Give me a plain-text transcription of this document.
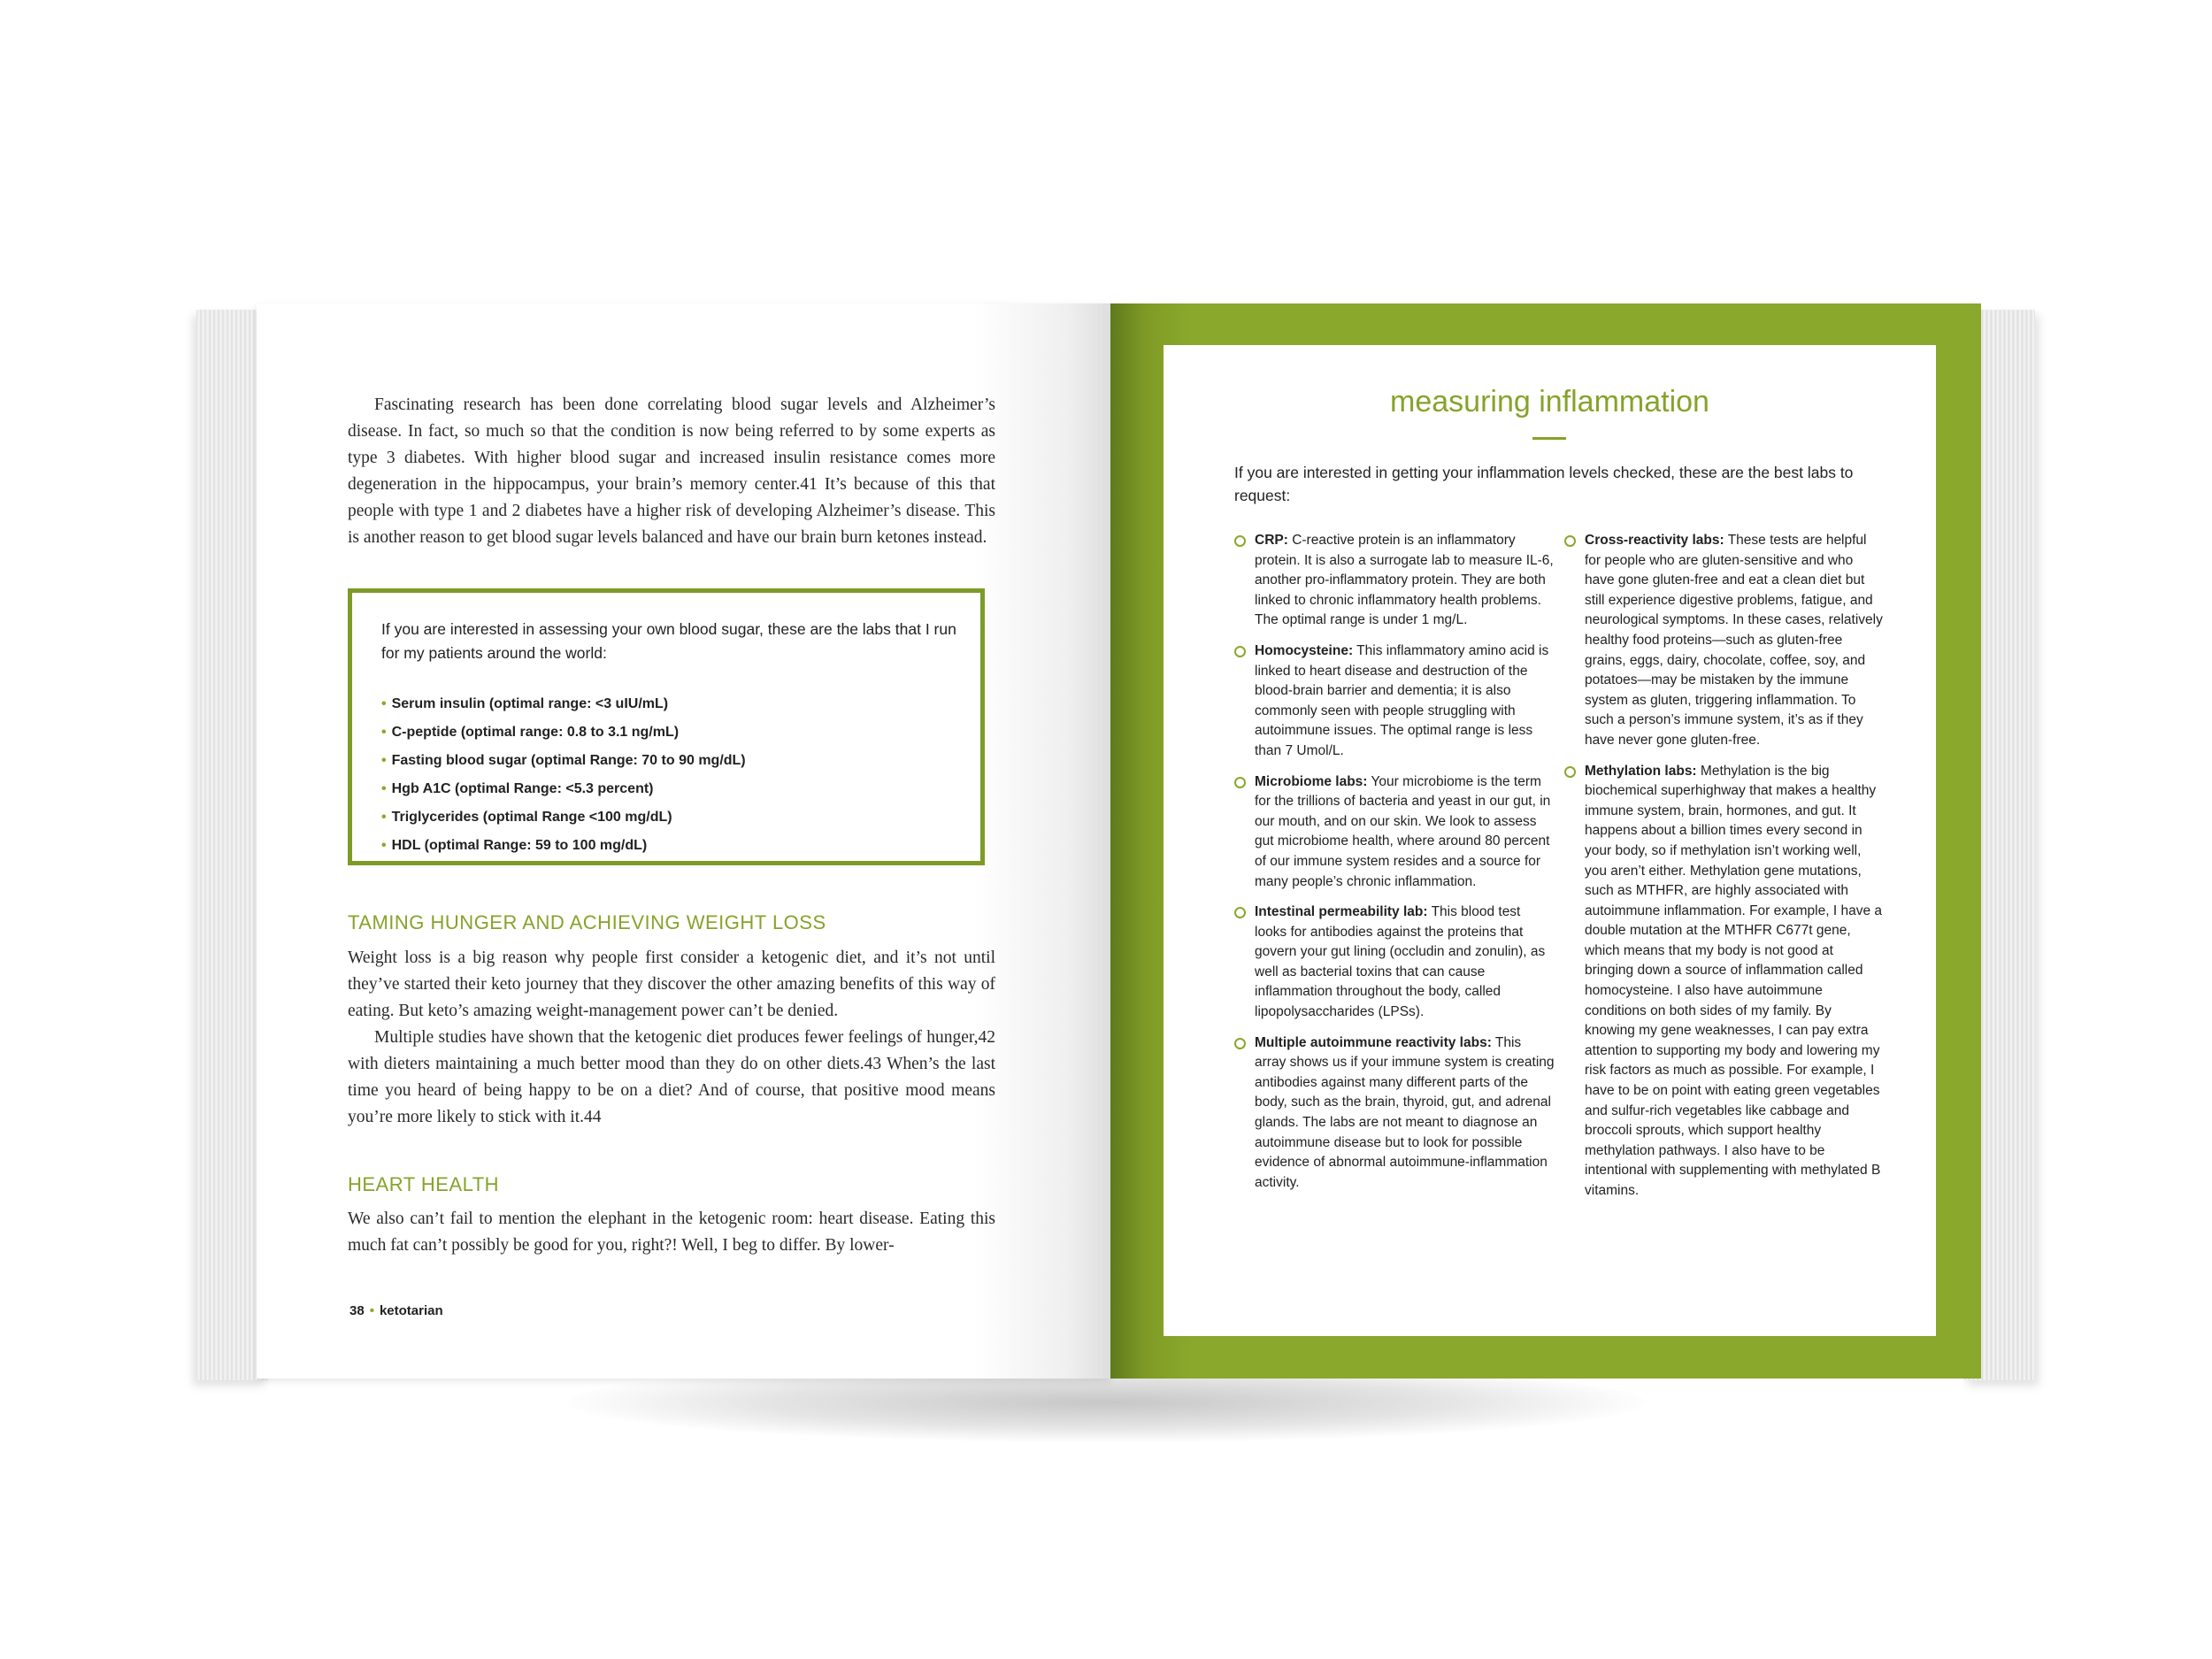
Fascinating research has been done correlating blood sugar levels and Alzheimer’s disease. In fact, so much so that the condition is now being referred to by some experts as type 3 diabetes. With higher blood sugar and increased insulin resistance comes more degeneration in the hippocampus, your brain’s memory center.41 It’s because of this that people with type 1 and 2 diabetes have a higher risk of developing Alzheimer’s disease. This is another reason to get blood sugar levels balanced and have our brain burn ketones instead.

If you are interested in assessing your own blood sugar, these are the labs that I run for my patients around the world:

• Serum insulin (optimal range: <3 uIU/mL)
• C-peptide (optimal range: 0.8 to 3.1 ng/mL)
• Fasting blood sugar (optimal Range: 70 to 90 mg/dL)
• Hgb A1C (optimal Range: <5.3 percent)
• Triglycerides (optimal Range <100 mg/dL)
• HDL (optimal Range: 59 to 100 mg/dL)
TAMING HUNGER AND ACHIEVING WEIGHT LOSS

Weight loss is a big reason why people first consider a ketogenic diet, and it’s not until they’ve started their keto journey that they discover the other amazing benefits of this way of eating. But keto’s amazing weight-management power can’t be denied.
Multiple studies have shown that the ketogenic diet produces fewer feelings of hunger,42 with dieters maintaining a much better mood than they do on other diets.43 When’s the last time you heard of being happy to be on a diet? And of course, that positive mood means you’re more likely to stick with it.44

HEART HEALTH

We also can’t fail to mention the elephant in the ketogenic room: heart disease. Eating this much fat can’t possibly be good for you, right?! Well, I beg to differ. By lower-

38 • ketotarian
measuring inflammation

If you are interested in getting your inflammation levels checked, these are the best labs to request:

CRP: C-reactive protein is an inflammatory protein. It is also a surrogate lab to measure IL-6, another pro-inflammatory protein. They are both linked to chronic inflammatory health problems. The optimal range is under 1 mg/L.

Homocysteine: This inflammatory amino acid is linked to heart disease and destruction of the blood-brain barrier and dementia; it is also commonly seen with people struggling with autoimmune issues. The optimal range is less than 7 Umol/L.

Microbiome labs: Your microbiome is the term for the trillions of bacteria and yeast in our gut, in our mouth, and on our skin. We look to assess gut microbiome health, where around 80 percent of our immune system resides and a source for many people’s chronic inflammation.

Intestinal permeability lab: This blood test looks for antibodies against the proteins that govern your gut lining (occludin and zonulin), as well as bacterial toxins that can cause inflammation throughout the body, called lipopolysaccharides (LPSs).

Multiple autoimmune reactivity labs: This array shows us if your immune system is creating antibodies against many different parts of the body, such as the brain, thyroid, gut, and adrenal glands. The labs are not meant to diagnose an autoimmune disease but to look for possible evidence of abnormal autoimmune-inflammation activity.

Cross-reactivity labs: These tests are helpful for people who are gluten-sensitive and who have gone gluten-free and eat a clean diet but still experience digestive problems, fatigue, and neurological symptoms. In these cases, relatively healthy food proteins—such as gluten-free grains, eggs, dairy, chocolate, coffee, soy, and potatoes—may be mistaken by the immune system as gluten, triggering inflammation. To such a person’s immune system, it’s as if they have never gone gluten-free.

Methylation labs: Methylation is the big biochemical superhighway that makes a healthy immune system, brain, hormones, and gut. It happens about a billion times every second in your body, so if methylation isn’t working well, you aren’t either. Methylation gene mutations, such as MTHFR, are highly associated with autoimmune inflammation. For example, I have a double mutation at the MTHFR C677t gene, which means that my body is not good at bringing down a source of inflammation called homocysteine. I also have autoimmune conditions on both sides of my family. By knowing my gene weaknesses, I can pay extra attention to supporting my body and lowering my risk factors as much as possible. For example, I have to be on point with eating green vegetables and sulfur-rich vegetables like cabbage and broccoli sprouts, which support healthy methylation pathways. I also have to be intentional with supplementing with methylated B vitamins.
